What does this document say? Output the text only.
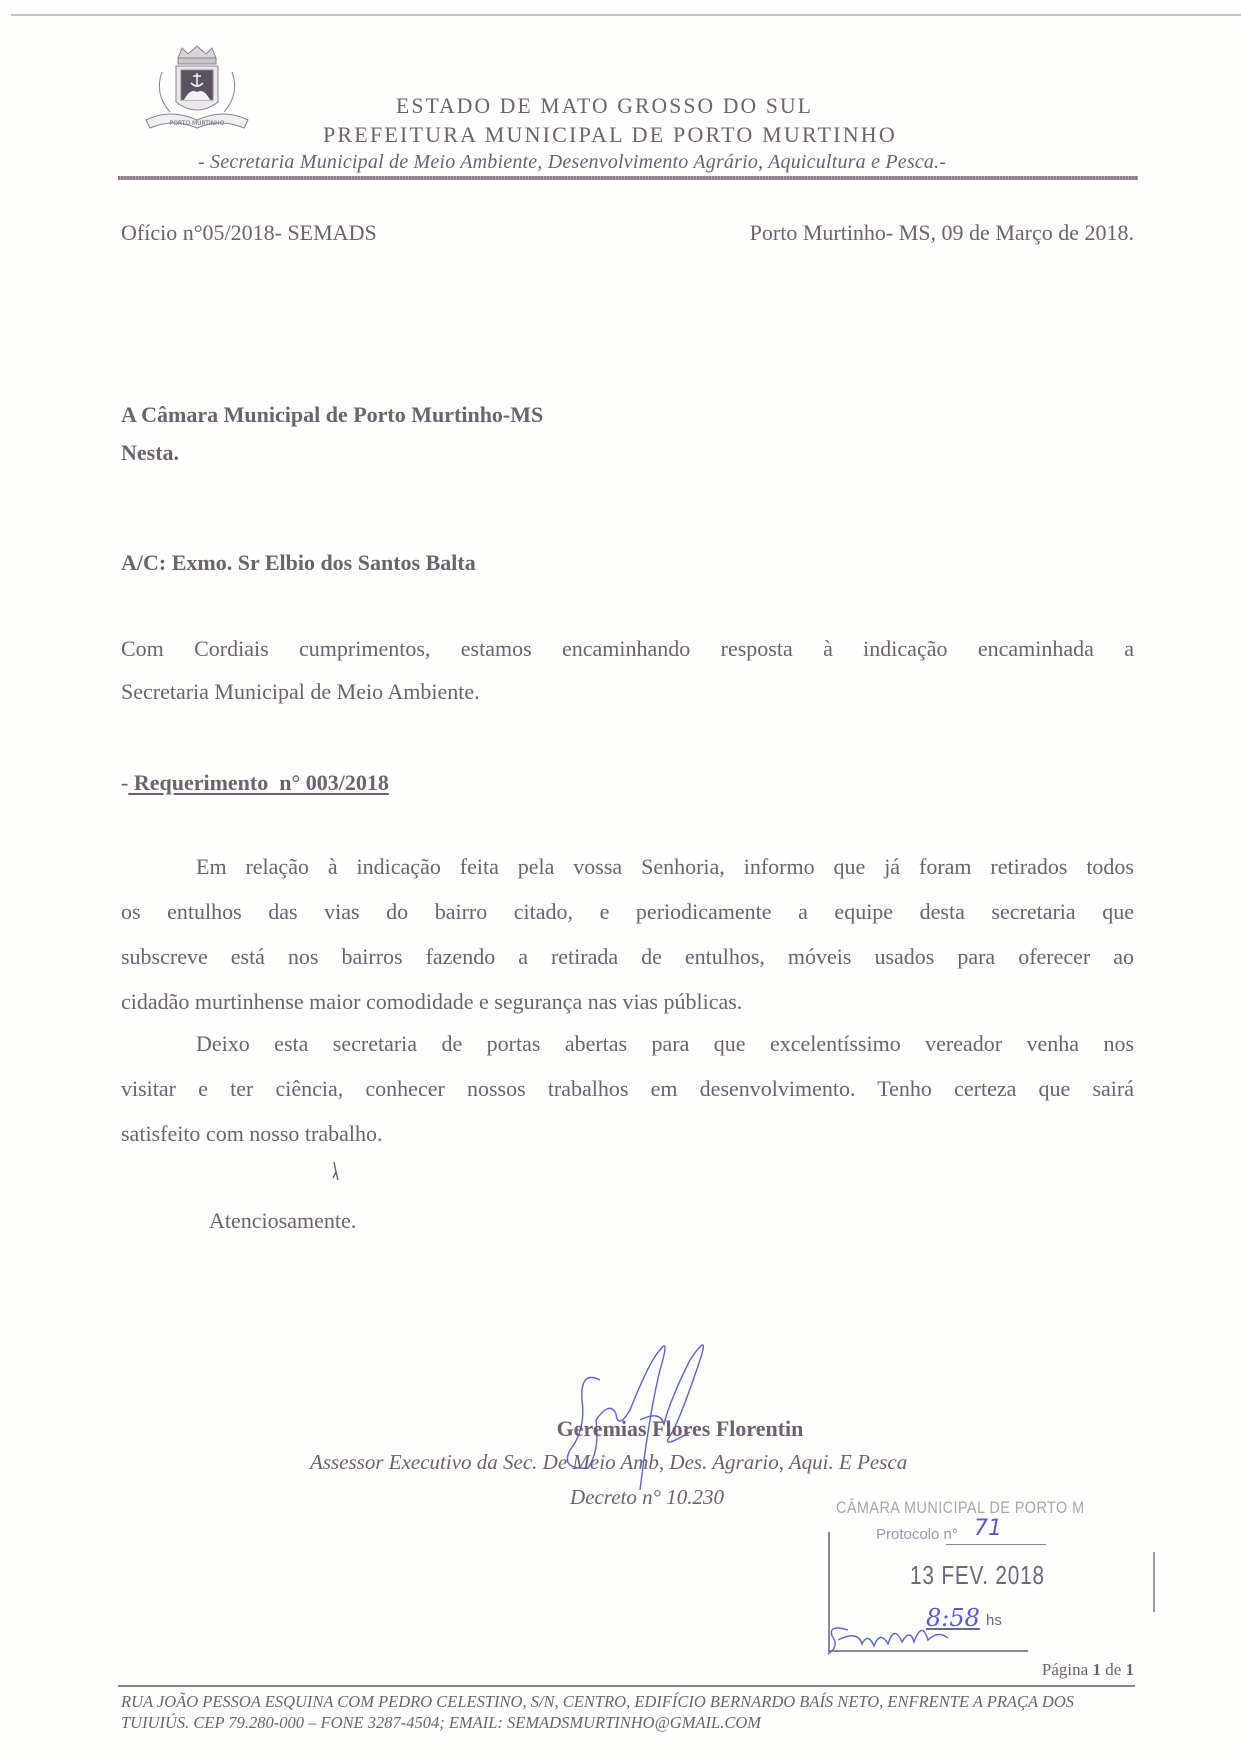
PORTO MURTINHO
ESTADO DE MATO GROSSO DO SUL
PREFEITURA MUNICIPAL DE PORTO MURTINHO
- Secretaria Municipal de Meio Ambiente, Desenvolvimento Agrário, Aquicultura e Pesca.-
Ofício n°05/2018- SEMADS	Porto Murtinho- MS, 09 de Março de 2018.
A Câmara Municipal de Porto Murtinho-MS
Nesta.
A/C: Exmo. Sr Elbio dos Santos Balta
Com Cordiais cumprimentos, estamos encaminhando resposta à indicação encaminhada a
Secretaria Municipal de Meio Ambiente.
- Requerimento  n° 003/2018
Em relação à indicação feita pela vossa Senhoria, informo que já foram retirados todos
os entulhos das vias do bairro citado, e periodicamente a equipe desta secretaria que
subscreve está nos bairros fazendo a retirada de entulhos, móveis usados para oferecer ao
cidadão murtinhense maior comodidade e segurança nas vias públicas.
Deixo esta secretaria de portas abertas para que excelentíssimo vereador venha nos
visitar e ter ciência, conhecer nossos trabalhos em desenvolvimento. Tenho certeza que sairá
satisfeito com nosso trabalho.
Atenciosamente.
Geremias Flores Florentin
Assessor Executivo da Sec. De Meio Amb, Des. Agrario, Aqui. E Pesca
Decreto n° 10.230	CÂMARA MUNICIPAL DE PORTO M
Protocolo n° 71
13 FEV. 2018
8:58 hs
Página 1 de 1
RUA JOÃO PESSOA ESQUINA COM PEDRO CELESTINO, S/N, CENTRO, EDIFÍCIO BERNARDO BAÍS NETO, ENFRENTE A PRAÇA DOS
TUIUIÚS. CEP 79.280-000 – FONE 3287-4504; EMAIL: SEMADSMURTINHO@GMAIL.COM
